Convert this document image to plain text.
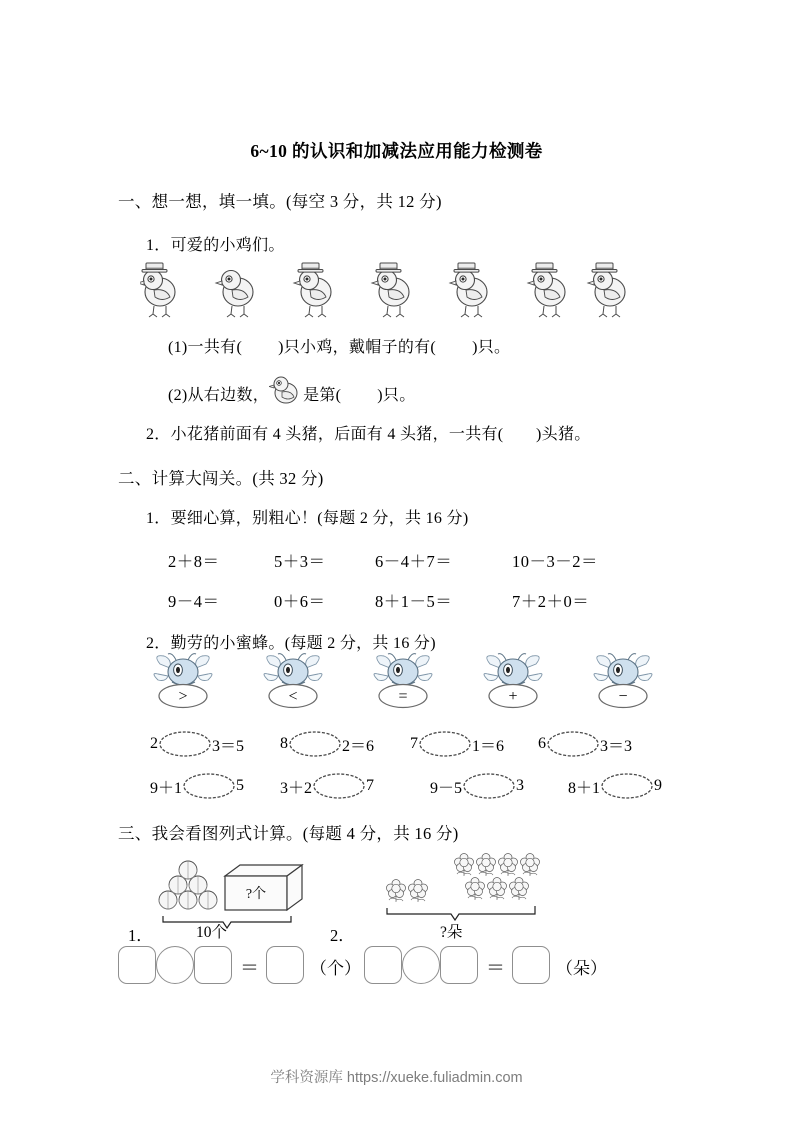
6~10 的认识和加减法应用能力检测卷
一、想一想，填一填。(每空 3 分，共 12 分)
1．可爱的小鸡们。
(1)一共有( )只小鸡，戴帽子的有( )只。
(2)从右边数， 是第( )只。
2．小花猪前面有 4 头猪，后面有 4 头猪，一共有(　　)头猪。
二、计算大闯关。(共 32 分)
1．要细心算，别粗心！(每题 2 分，共 16 分)
2＋8＝	5＋3＝	6－4＋7＝	10－3－2＝
9－4＝	0＋6＝	8＋1－5＝	7＋2＋0＝
2．勤劳的小蜜蜂。(每题 2 分，共 16 分)
>	<	=	+	−
2	3＝5 8	2＝6 7	1＝6 6	3＝3
9＋1	5 3＋2	7	9－5	3	8＋1	9
三、我会看图列式计算。(每题 4 分，共 16 分)
?个
1．	10个	2．	?朵
＝	（个）	＝	（朵）
学科资源库 https://xueke.fuliadmin.com
